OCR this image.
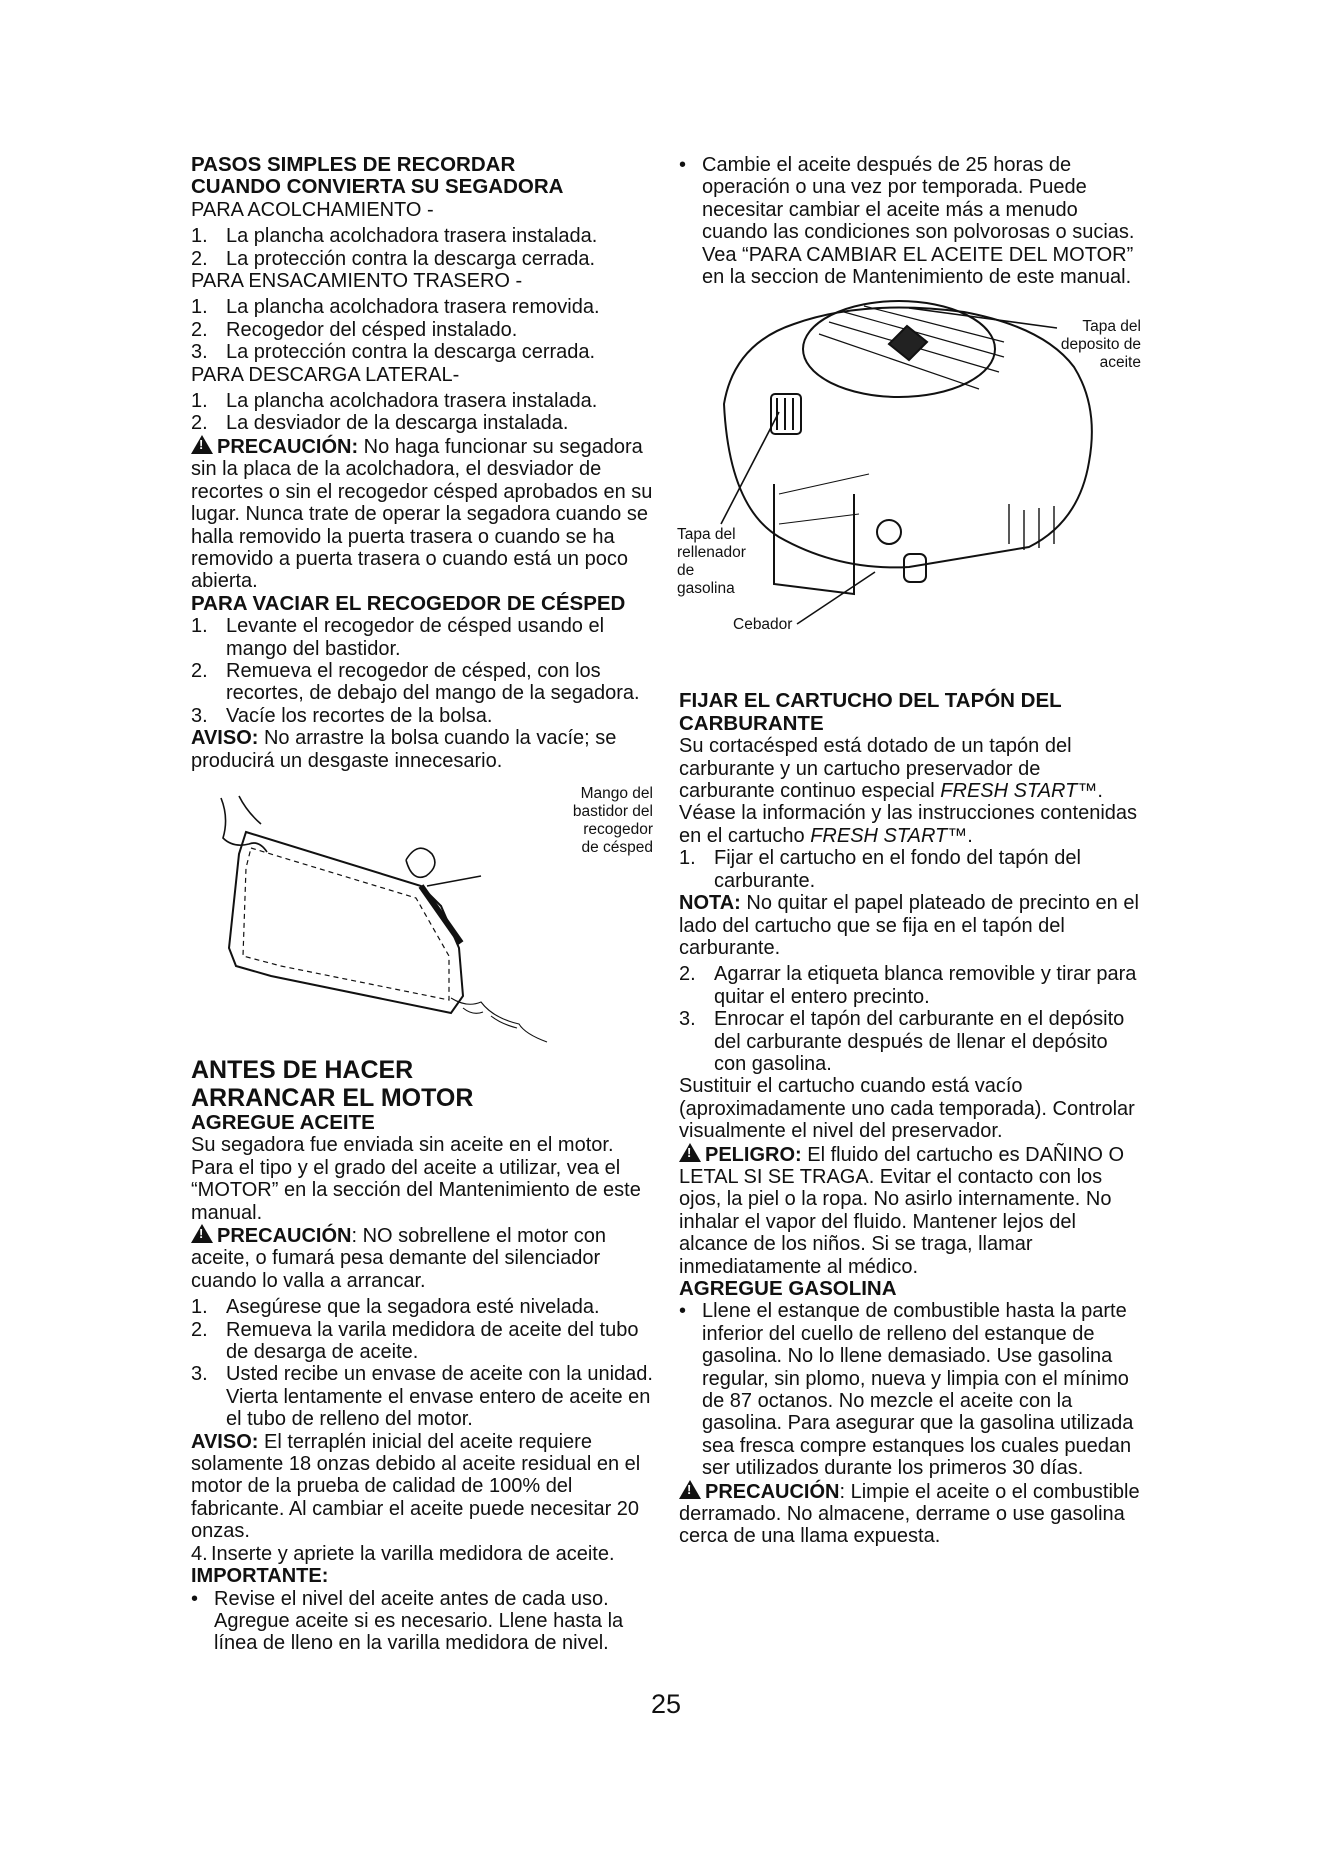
PASOS SIMPLES DE RECORDAR

CUANDO CONVIERTA SU SEGADORA

PARA ACOLCHAMIENTO -

1. La plancha acolchadora trasera instalada.
2. La protección contra la descarga cerrada.

PARA ENSACAMIENTO TRASERO -

1. La plancha acolchadora trasera removida.
2. Recogedor del césped instalado.
3. La protección contra la descarga cerrada.

PARA DESCARGA LATERAL-

1. La plancha acolchadora trasera instalada.
2. La desviador de la descarga instalada.

!PRECAUCIÓN: No haga funcionar su segadora sin la placa de la acolchadora, el desviador de recortes o sin el recogedor césped aprobados en su lugar. Nunca trate de operar la segadora cuando se halla removido la puerta trasera o cuando se ha removido a puerta trasera o cuando está un poco abierta.

PARA VACIAR EL RECOGEDOR DE CÉSPED

1. Levante el recogedor de césped usando el mango del bastidor.
2. Remueva el recogedor de césped, con los recortes, de debajo del mango de la segadora.
3. Vacíe los recortes de la bolsa.

AVISO: No arrastre la bolsa cuando la vacíe; se producirá un desgaste innecesario.

Mango del
bastidor del
recogedor
de césped

ANTES DE HACER

ARRANCAR EL MOTOR

AGREGUE ACEITE

Su segadora fue enviada sin aceite en el motor. Para el tipo y el grado del aceite a utilizar, vea el “MOTOR” en la sección del Mantenimiento de este manual.

!PRECAUCIÓN: NO sobrellene el motor con aceite, o fumará pesa demante del silenciador cuando lo valla a arrancar.

1. Asegúrese que la segadora esté nivelada.
2. Remueva la varila medidora de aceite del tubo de desarga de aceite.
3. Usted recibe un envase de aceite con la unidad. Vierta lentamente el envase entero de aceite en el tubo de relleno del motor.

AVISO: El terraplén inicial del aceite requiere solamente 18 onzas debido al aceite residual en el motor de la prueba de calidad de 100% del fabricante. Al cambiar el aceite puede necesitar 20 onzas.

4. Inserte y apriete la varilla medidora de aceite.

IMPORTANTE:

• Revise el nivel del aceite antes de cada uso. Agregue aceite si es necesario. Llene hasta la línea de lleno en la varilla medidora de nivel.
• Cambie el aceite después de 25 horas de operación o una vez por temporada. Puede necesitar cambiar el aceite más a menudo cuando las condiciones son polvorosas o sucias. Vea “PARA CAMBIAR EL ACEITE DEL MOTOR” en la seccion de Mantenimiento de este manual.
Tapa del
deposito de
aceite
Tapa del
rellenador
de
gasolina
Cebador

FIJAR EL CARTUCHO DEL TAPÓN DEL

CARBURANTE

Su cortacésped está dotado de un tapón del carburante y un cartucho preservador de carburante continuo especial FRESH START™. Véase la información y las instrucciones contenidas en el cartucho FRESH START™.

1. Fijar el cartucho en el fondo del tapón del carburante.

NOTA: No quitar el papel plateado de precinto en el lado del cartucho que se fija en el tapón del carburante.

2. Agarrar la etiqueta blanca removible y tirar para quitar el entero precinto.
3. Enrocar el tapón del carburante en el depósito del carburante después de llenar el depósito con gasolina.

Sustituir el cartucho cuando está vacío (aproximadamente uno cada temporada). Controlar visualmente el nivel del preservador.

!PELIGRO: El fluido del cartucho es DAÑINO O LETAL SI SE TRAGA. Evitar el contacto con los ojos, la piel o la ropa. No asirlo internamente. No inhalar el vapor del fluido. Mantener lejos del alcance de los niños. Si se traga, llamar inmediatamente al médico.

AGREGUE GASOLINA

• Llene el estanque de combustible hasta la parte inferior del cuello de relleno del estanque de gasolina. No lo llene demasiado. Use gasolina regular, sin plomo, nueva y limpia con el mínimo de 87 octanos. No mezcle el aceite con la gasolina. Para asegurar que la gasolina utilizada sea fresca compre estanques los cuales puedan ser utilizados durante los primeros 30 días.

!PRECAUCIÓN: Limpie el aceite o el combustible derramado. No almacene, derrame o use gasolina cerca de una llama expuesta.

25
